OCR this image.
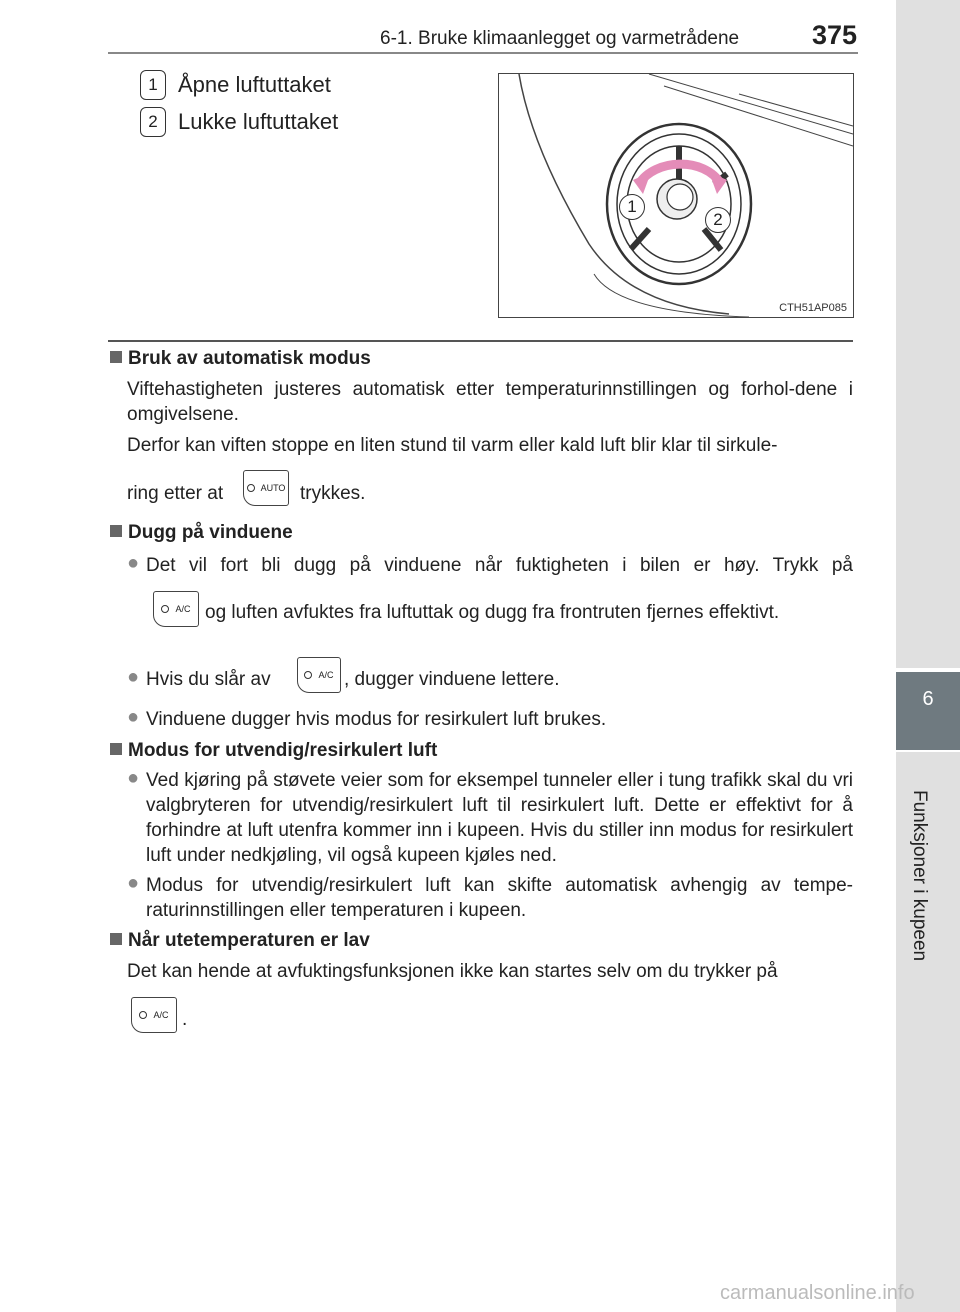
6-1. Bruke klimaanlegget og varmetrådene	375
6
Funksjoner i kupeen
1 Åpne luftuttaket
2 Lukke luftuttaket
1
2
CTH51AP085
Bruk av automatisk modus
Viftehastigheten justeres automatisk etter temperaturinnstillingen og forhol-dene i omgivelsene.
Derfor kan viften stoppe en liten stund til varm eller kald luft blir klar til sirkule-
ring etter at	AUTO trykkes.
Dugg på vinduene
● Det vil fort bli dugg på vinduene når fuktigheten i bilen er høy. Trykk på
A/C og luften avfuktes fra luftuttak og dugg fra frontruten fjernes effektivt.
● Hvis du slår av	A/C , dugger vinduene lettere.
● Vinduene dugger hvis modus for resirkulert luft brukes.
Modus for utvendig/resirkulert luft
● Ved kjøring på støvete veier som for eksempel tunneler eller i tung trafikk skal du vri valgbryteren for utvendig/resirkulert luft til resirkulert luft. Dette er effektivt for å forhindre at luft utenfra kommer inn i kupeen. Hvis du stiller inn modus for resirkulert luft under nedkjøling, vil også kupeen kjøles ned.
● Modus for utvendig/resirkulert luft kan skifte automatisk avhengig av tempe-raturinnstillingen eller temperaturen i kupeen.
Når utetemperaturen er lav
Det kan hende at avfuktingsfunksjonen ikke kan startes selv om du trykker på
A/C .
carmanualsonline.info
